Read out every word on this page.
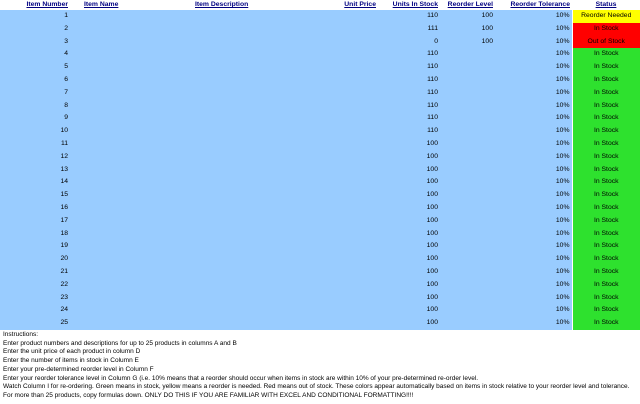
Item Number	Item Name	Item Description	Unit Price	Units In Stock	Reorder Level	Reorder Tolerance	Status
1				110	100	10%	Reorder Needed
2				111	100	10%	In Stock
3				0	100	10%	Out of Stock
4				110		10%	In Stock
5				110		10%	In Stock
6				110		10%	In Stock
7				110		10%	In Stock
8				110		10%	In Stock
9				110		10%	In Stock
10				110		10%	In Stock
11				100		10%	In Stock
12				100		10%	In Stock
13				100		10%	In Stock
14				100		10%	In Stock
15				100		10%	In Stock
16				100		10%	In Stock
17				100		10%	In Stock
18				100		10%	In Stock
19				100		10%	In Stock
20				100		10%	In Stock
21				100		10%	In Stock
22				100		10%	In Stock
23				100		10%	In Stock
24				100		10%	In Stock
25				100		10%	In Stock
Instructions:
Enter product numbers and descriptions for up to 25 products in columns A and B
Enter the unit price of each product in column D
Enter the number of items in stock in Column E
Enter your pre-determined reorder level in Column F
Enter your reorder tolerance level in Column G (i.e. 10% means that a reorder should occur when items in stock are within 10% of your pre-determined re-order level.
Watch Column I for re-ordering. Green means in stock, yellow means a reorder is needed. Red means out of stock. These colors appear automatically based on items in stock relative to your reorder level and tolerance.
For more than 25 products, copy formulas down. ONLY DO THIS IF YOU ARE FAMILIAR WITH EXCEL AND CONDITIONAL FORMATTING!!!!
